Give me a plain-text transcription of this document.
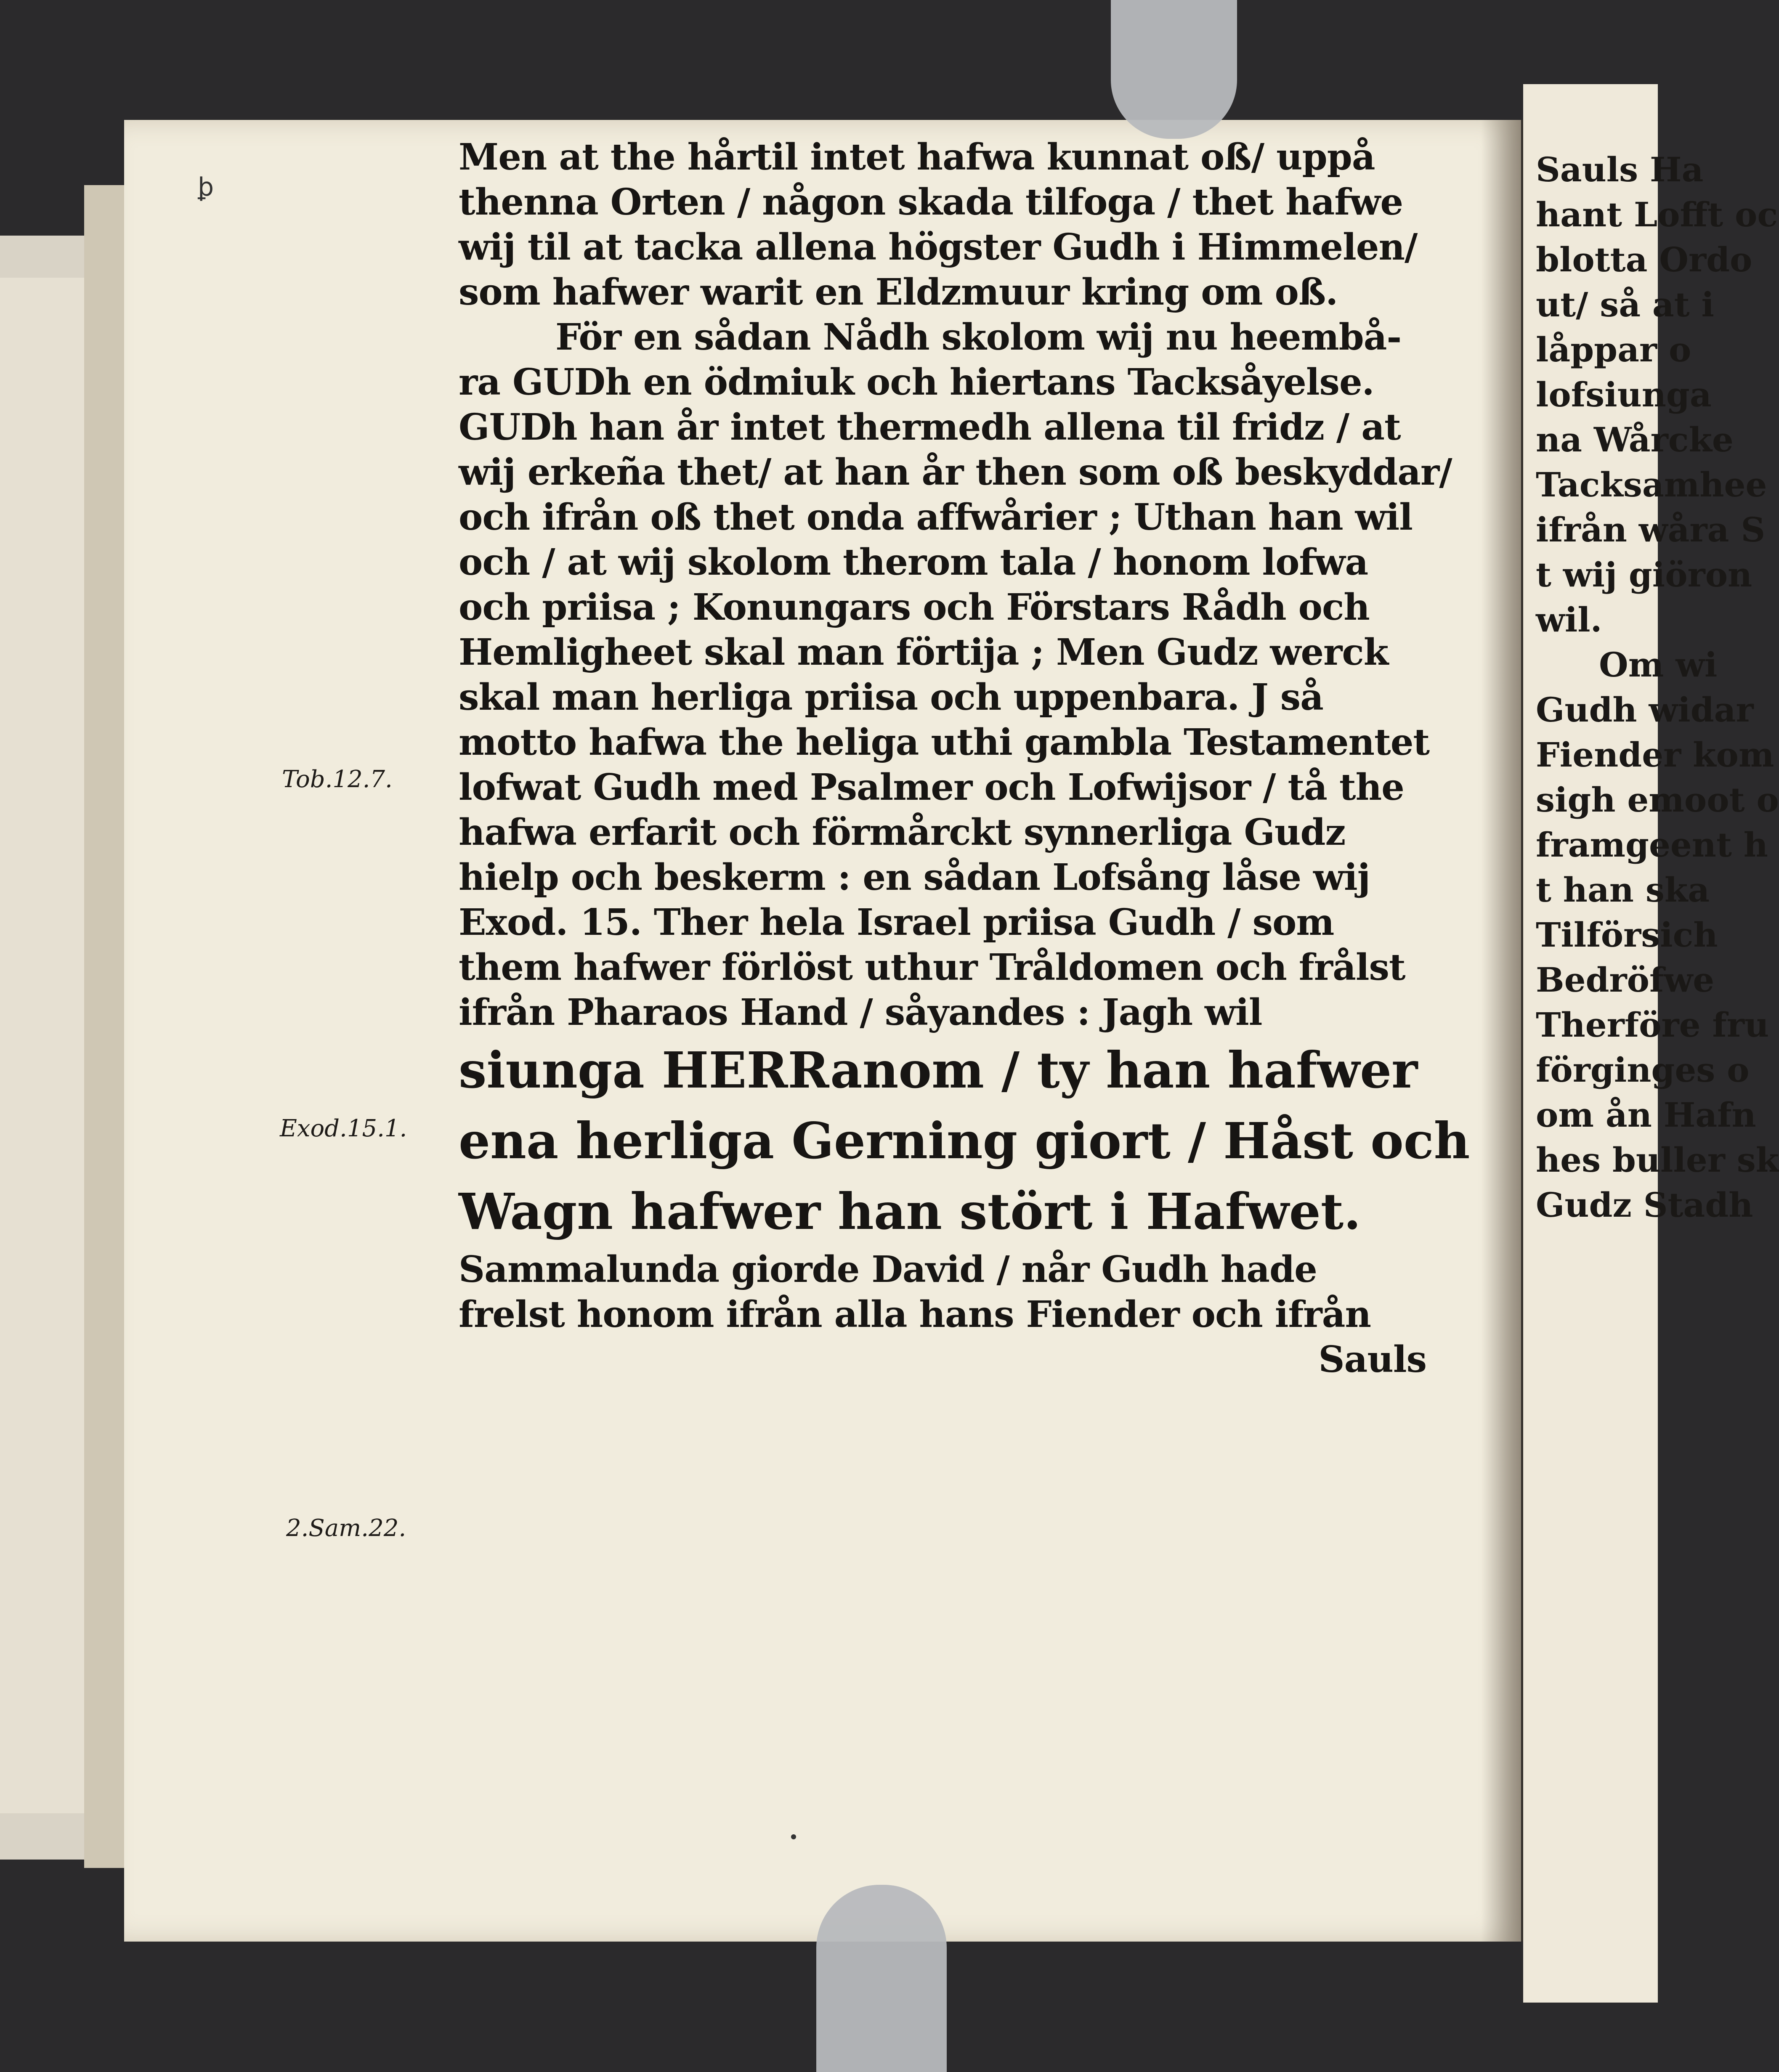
Sauls Ha
hant Lofft oc
blotta Ordo
ut/ så at i
låppar o
lofsiunga
na Wårcke
Tacksamhee
ifrån wåra S
t wij giöron
wil.
Om wi
Gudh widar
Fiender kom
sigh emoot o
framgeent h
t han ska
Tilförsich
Bedröfwe
Therföre fru
förginges o
om ån Hafn
hes buller sk
Gudz Stadh
ꝧ
Tob.12.7.
Exod.15.1.
2.Sam.22.
Men at the hårtil intet hafwa kunnat oß/ uppå
thenna Orten / någon skada tilfoga / thet hafwe
wij til at tacka allena högster Gudh i Himmelen/
som hafwer warit en Eldzmuur kring om oß.
För en sådan Nådh skolom wij nu heembå-
ra GUDh en ödmiuk och hiertans Tacksåyelse.
GUDh han år intet thermedh allena til fridz / at
wij erkeña thet/ at han år then som oß beskyddar/
och ifrån oß thet onda affwårier ; Uthan han wil
och / at wij skolom therom tala / honom lofwa
och priisa ; Konungars och Förstars Rådh och
Hemligheet skal man förtija ; Men Gudz werck
skal man herliga priisa och uppenbara. J så
motto hafwa the heliga uthi gambla Testamentet
lofwat Gudh med Psalmer och Lofwijsor / tå the
hafwa erfarit och förmårckt synnerliga Gudz
hielp och beskerm : en sådan Lofsång låse wij
Exod. 15. Ther hela Israel priisa Gudh / som
them hafwer förlöst uthur Tråldomen och frålst
ifrån Pharaos Hand / såyandes : Jagh wil
siunga HERRanom / ty han hafwer
ena herliga Gerning giort / Håst och
Wagn hafwer han stört i Hafwet.
Sammalunda giorde David / når Gudh hade
frelst honom ifrån alla hans Fiender och ifrån
Sauls
